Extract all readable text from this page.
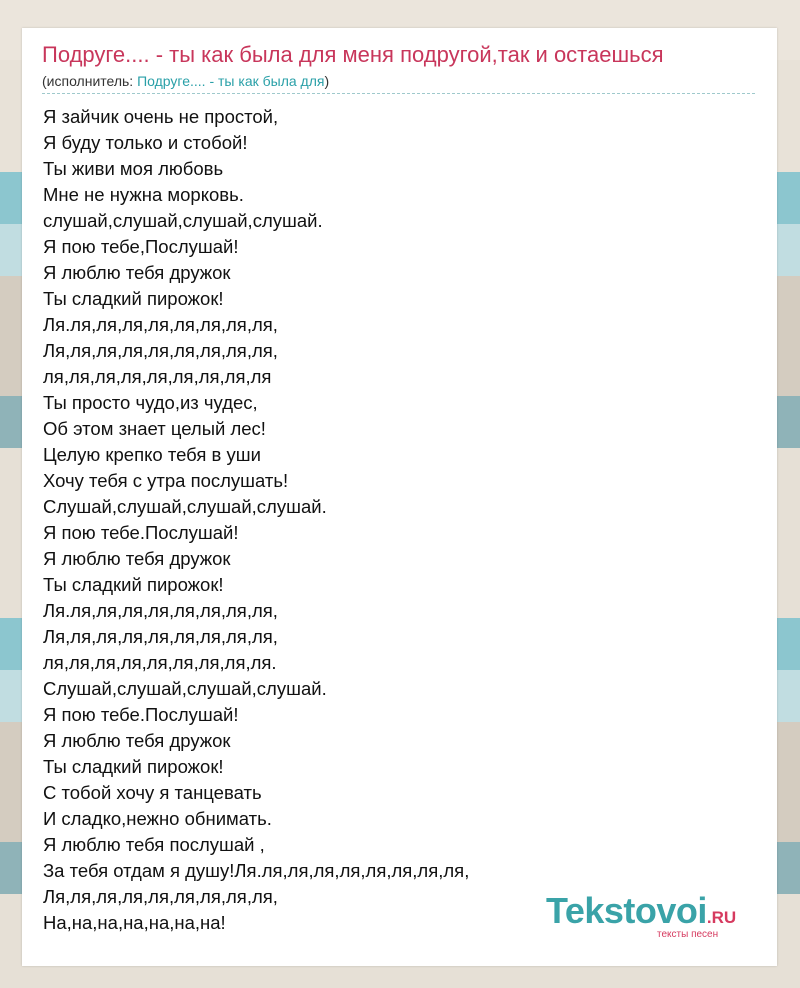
Подруге.... - ты как была для меня подругой,так и остаешься
(исполнитель: Подруге.... - ты как была для)
Я зайчик очень не простой,
Я буду только и стобой!
Ты живи моя любовь
Мне не нужна морковь.
слушай,слушай,слушай,слушай.
Я пою тебе,Послушай!
Я люблю тебя дружок
Ты сладкий пирожок!
Ля.ля,ля,ля,ля,ля,ля,ля,ля,
Ля,ля,ля,ля,ля,ля,ля,ля,ля,
ля,ля,ля,ля,ля,ля,ля,ля,ля
Ты просто чудо,из чудес,
Об этом знает целый лес!
Целую крепко тебя в уши
Хочу тебя с утра послушать!
Слушай,слушай,слушай,слушай.
Я пою тебе.Послушай!
Я люблю тебя дружок
Ты сладкий пирожок!
Ля.ля,ля,ля,ля,ля,ля,ля,ля,
Ля,ля,ля,ля,ля,ля,ля,ля,ля,
ля,ля,ля,ля,ля,ля,ля,ля,ля.
Слушай,слушай,слушай,слушай.
Я пою тебе.Послушай!
Я люблю тебя дружок
Ты сладкий пирожок!
С тобой хочу я танцевать
И сладко,нежно обнимать.
Я люблю тебя послушай ,
За тебя отдам я душу!Ля.ля,ля,ля,ля,ля,ля,ля,ля,
Ля,ля,ля,ля,ля,ля,ля,ля,ля,
На,на,на,на,на,на,на!	Tekstovoi.RU
тексты песен
